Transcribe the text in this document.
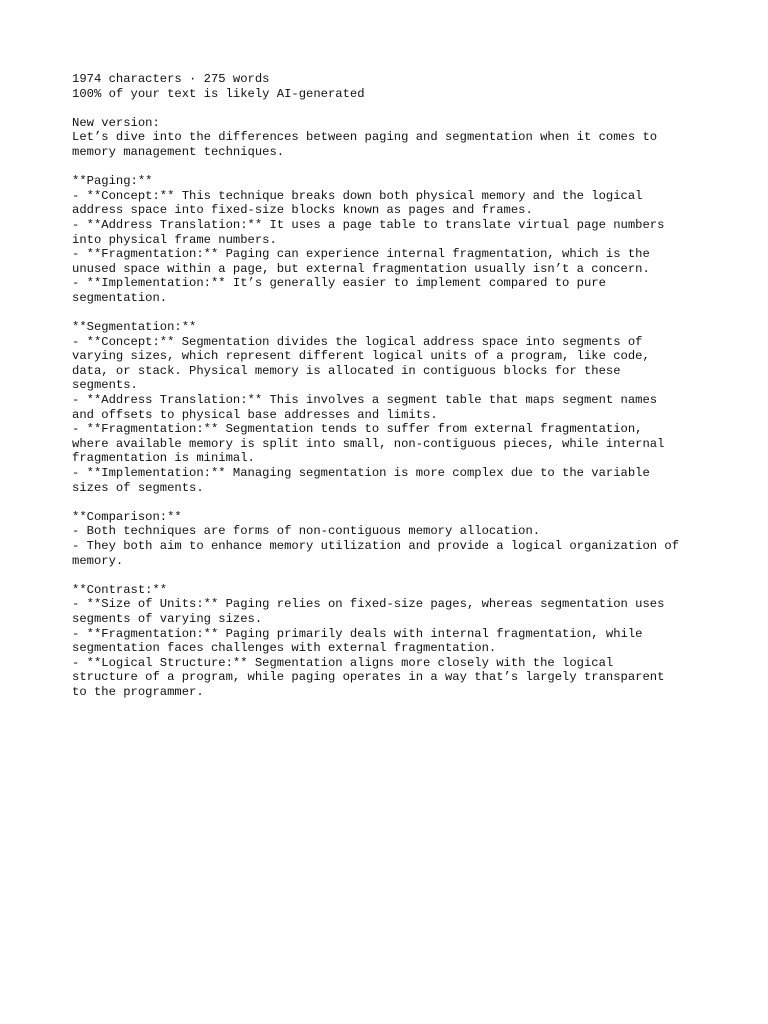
1974 characters · 275 words
100% of your text is likely AI-generated
New version:
Let’s dive into the differences between paging and segmentation when it comes to
memory management techniques.
**Paging:**
- **Concept:** This technique breaks down both physical memory and the logical
address space into fixed-size blocks known as pages and frames.
- **Address Translation:** It uses a page table to translate virtual page numbers
into physical frame numbers.
- **Fragmentation:** Paging can experience internal fragmentation, which is the
unused space within a page, but external fragmentation usually isn’t a concern.
- **Implementation:** It’s generally easier to implement compared to pure
segmentation.
**Segmentation:**
- **Concept:** Segmentation divides the logical address space into segments of
varying sizes, which represent different logical units of a program, like code,
data, or stack. Physical memory is allocated in contiguous blocks for these
segments.
- **Address Translation:** This involves a segment table that maps segment names
and offsets to physical base addresses and limits.
- **Fragmentation:** Segmentation tends to suffer from external fragmentation,
where available memory is split into small, non-contiguous pieces, while internal
fragmentation is minimal.
- **Implementation:** Managing segmentation is more complex due to the variable
sizes of segments.
**Comparison:**
- Both techniques are forms of non-contiguous memory allocation.
- They both aim to enhance memory utilization and provide a logical organization of
memory.
**Contrast:**
- **Size of Units:** Paging relies on fixed-size pages, whereas segmentation uses
segments of varying sizes.
- **Fragmentation:** Paging primarily deals with internal fragmentation, while
segmentation faces challenges with external fragmentation.
- **Logical Structure:** Segmentation aligns more closely with the logical
structure of a program, while paging operates in a way that’s largely transparent
to the programmer.
